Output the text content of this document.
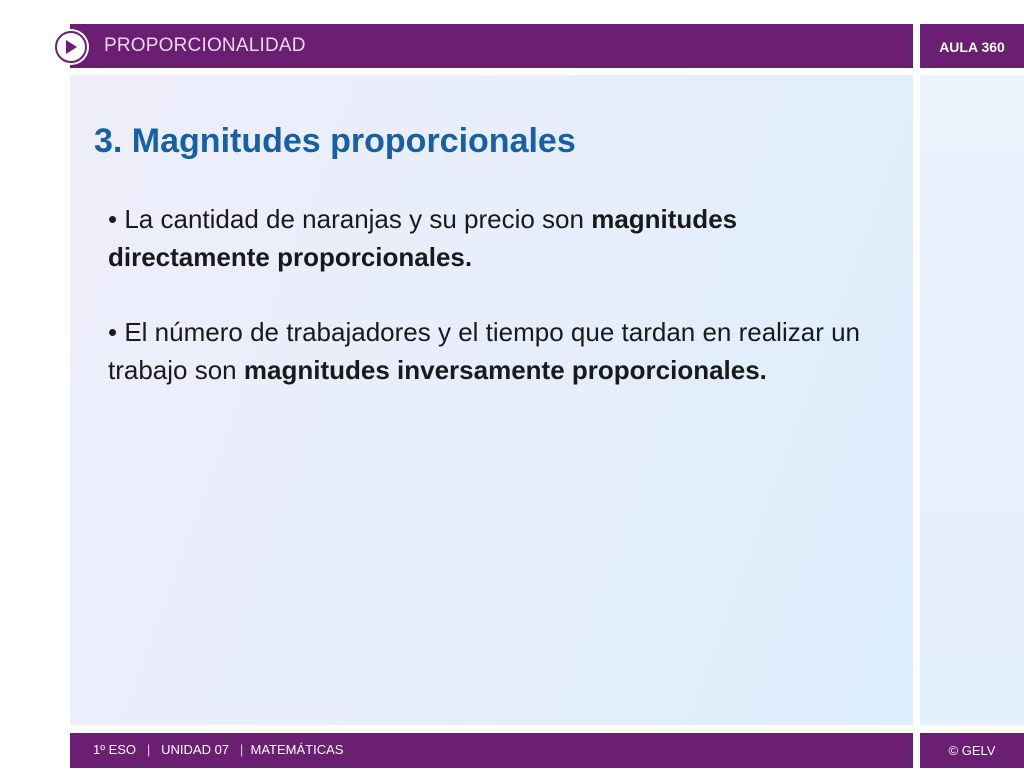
PROPORCIONALIDAD	AULA 360
3. Magnitudes proporcionales

• La cantidad de naranjas y su precio son magnitudes directamente proporcionales.

• El número de trabajadores y el tiempo que tardan en realizar un trabajo son magnitudes inversamente proporcionales.

1º ESO | UNIDAD 07 | MATEMÁTICAS	© GELV
